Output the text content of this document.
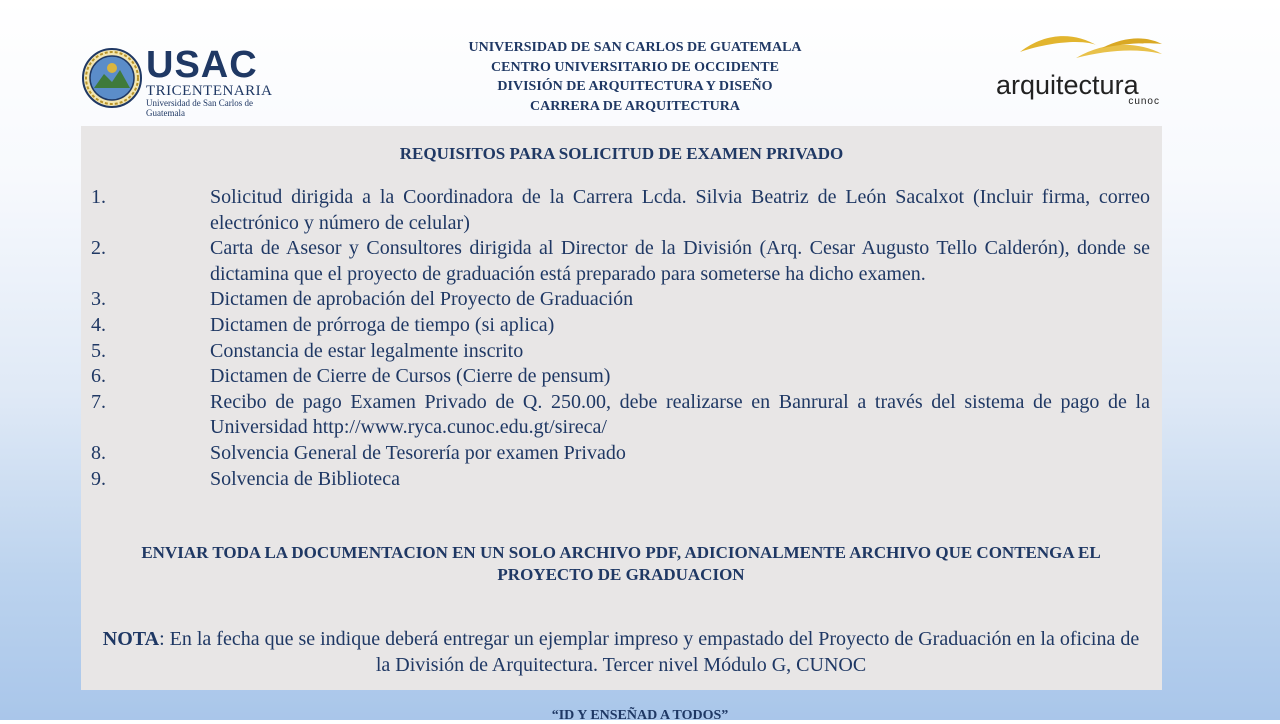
USAC
TRICENTENARIA
Universidad de San Carlos de Guatemala
UNIVERSIDAD DE SAN CARLOS DE GUATEMALA
CENTRO UNIVERSITARIO DE OCCIDENTE
DIVISIÓN DE ARQUITECTURA Y DISEÑO
CARRERA DE ARQUITECTURA
arquitectura
cunoc
REQUISITOS PARA SOLICITUD DE EXAMEN PRIVADO
1.	Solicitud dirigida a la Coordinadora de la Carrera Lcda. Silvia Beatriz de León Sacalxot (Incluir firma, correo electrónico y número de celular)
2.	Carta de Asesor y Consultores dirigida al Director de la División (Arq. Cesar Augusto Tello Calderón), donde se dictamina que el proyecto de graduación está preparado para someterse ha dicho examen.
3.	Dictamen de aprobación del Proyecto de Graduación
4.	Dictamen de prórroga de tiempo (si aplica)
5.	Constancia de estar legalmente inscrito
6.	Dictamen de Cierre de Cursos (Cierre de pensum)
7.	Recibo de pago Examen Privado de Q. 250.00, debe realizarse en Banrural a través del sistema de pago de la Universidad http://www.ryca.cunoc.edu.gt/sireca/
8.	Solvencia General de Tesorería por examen Privado
9.	Solvencia de Biblioteca
ENVIAR TODA LA DOCUMENTACION EN UN SOLO ARCHIVO PDF, ADICIONALMENTE ARCHIVO QUE CONTENGA EL PROYECTO DE GRADUACION
NOTA: En la fecha que se indique deberá entregar un ejemplar impreso y empastado del Proyecto de Graduación en la oficina de la División de Arquitectura. Tercer nivel Módulo G, CUNOC
“ID Y ENSEÑAD A TODOS”
